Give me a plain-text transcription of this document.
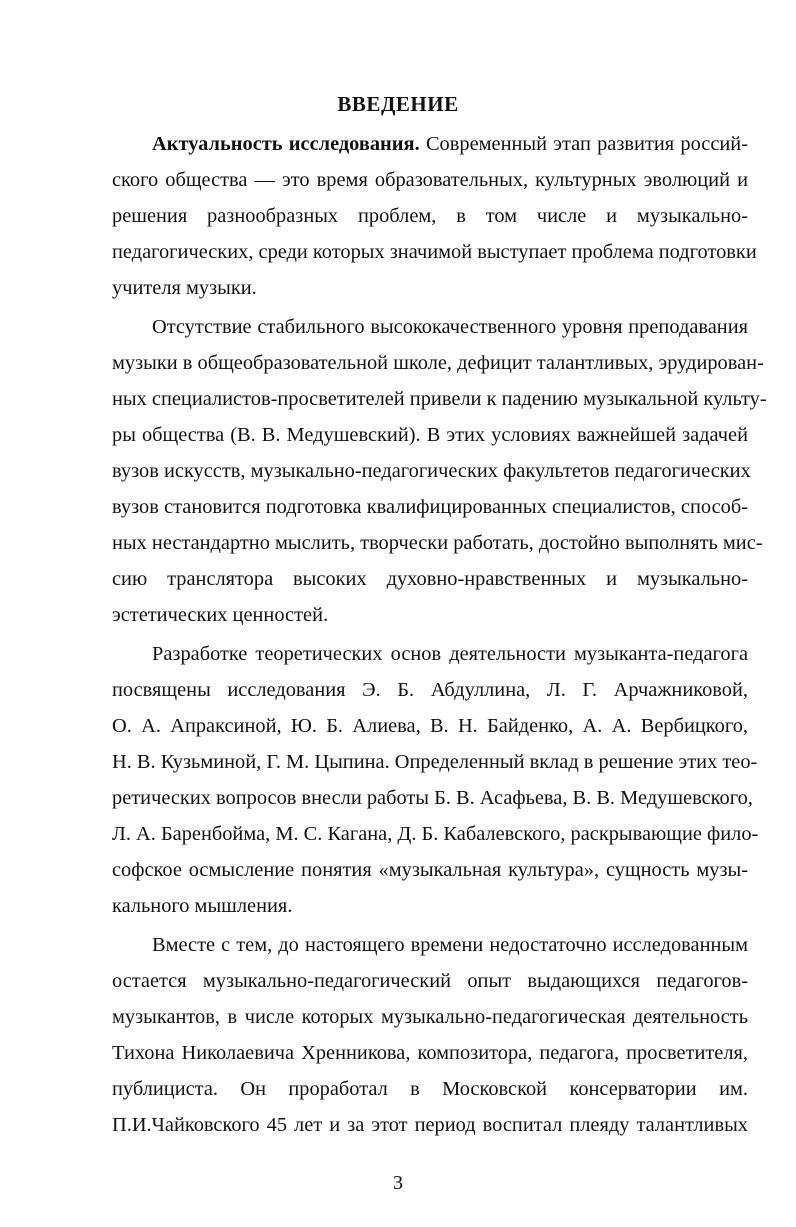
ВВЕДЕНИЕ
Актуальность исследования. Современный этап развития россий-
ского общества — это время образовательных, культурных эволюций и
решения разнообразных проблем, в том числе и музыкально-
педагогических, среди которых значимой выступает проблема подготовки
учителя музыки.
Отсутствие стабильного высококачественного уровня преподавания
музыки в общеобразовательной школе, дефицит талантливых, эрудирован-
ных специалистов-просветителей привели к падению музыкальной культу-
ры общества (В. В. Медушевский). В этих условиях важнейшей задачей
вузов искусств, музыкально-педагогических факультетов педагогических
вузов становится подготовка квалифицированных специалистов, способ-
ных нестандартно мыслить, творчески работать, достойно выполнять мис-
сию транслятора высоких духовно-нравственных и музыкально-
эстетических ценностей.
Разработке теоретических основ деятельности музыканта-педагога
посвящены исследования Э. Б. Абдуллина, Л. Г. Арчажниковой,
О. А. Апраксиной, Ю. Б. Алиева, В. Н. Байденко, А. А. Вербицкого,
Н. В. Кузьминой, Г. М. Цыпина. Определенный вклад в решение этих тео-
ретических вопросов внесли работы Б. В. Асафьева, В. В. Медушевского,
Л. А. Баренбойма, М. С. Кагана, Д. Б. Кабалевского, раскрывающие фило-
софское осмысление понятия «музыкальная культура», сущность музы-
кального мышления.
Вместе с тем, до настоящего времени недостаточно исследованным
остается музыкально-педагогический опыт выдающихся педагогов-
музыкантов, в числе которых музыкально-педагогическая деятельность
Тихона Николаевича Хренникова, композитора, педагога, просветителя,
публициста. Он проработал в Московской консерватории им.
П.И.Чайковского 45 лет и за этот период воспитал плеяду талантливых
3
